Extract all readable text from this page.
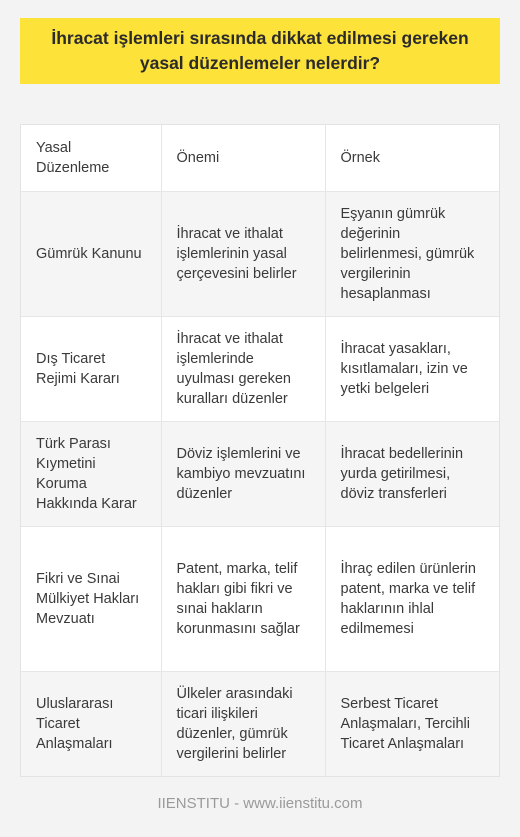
İhracat işlemleri sırasında dikkat edilmesi gereken yasal düzenlemeler nelerdir?
Yasal Düzenleme	Önemi	Örnek
Gümrük Kanunu	İhracat ve ithalat işlemlerinin yasal çerçevesini belirler	Eşyanın gümrük değerinin belirlenmesi, gümrük vergilerinin hesaplanması
Dış Ticaret Rejimi Kararı	İhracat ve ithalat işlemlerinde uyulması gereken kuralları düzenler	İhracat yasakları, kısıtlamaları, izin ve yetki belgeleri
Türk Parası Kıymetini Koruma Hakkında Karar	Döviz işlemlerini ve kambiyo mevzuatını düzenler	İhracat bedellerinin yurda getirilmesi, döviz transferleri
Fikri ve Sınai Mülkiyet Hakları Mevzuatı	Patent, marka, telif hakları gibi fikri ve sınai hakların korunmasını sağlar	İhraç edilen ürünlerin patent, marka ve telif haklarının ihlal edilmemesi
Uluslararası Ticaret Anlaşmaları	Ülkeler arasındaki ticari ilişkileri düzenler, gümrük vergilerini belirler	Serbest Ticaret Anlaşmaları, Tercihli Ticaret Anlaşmaları
IIENSTITU - www.iienstitu.com
